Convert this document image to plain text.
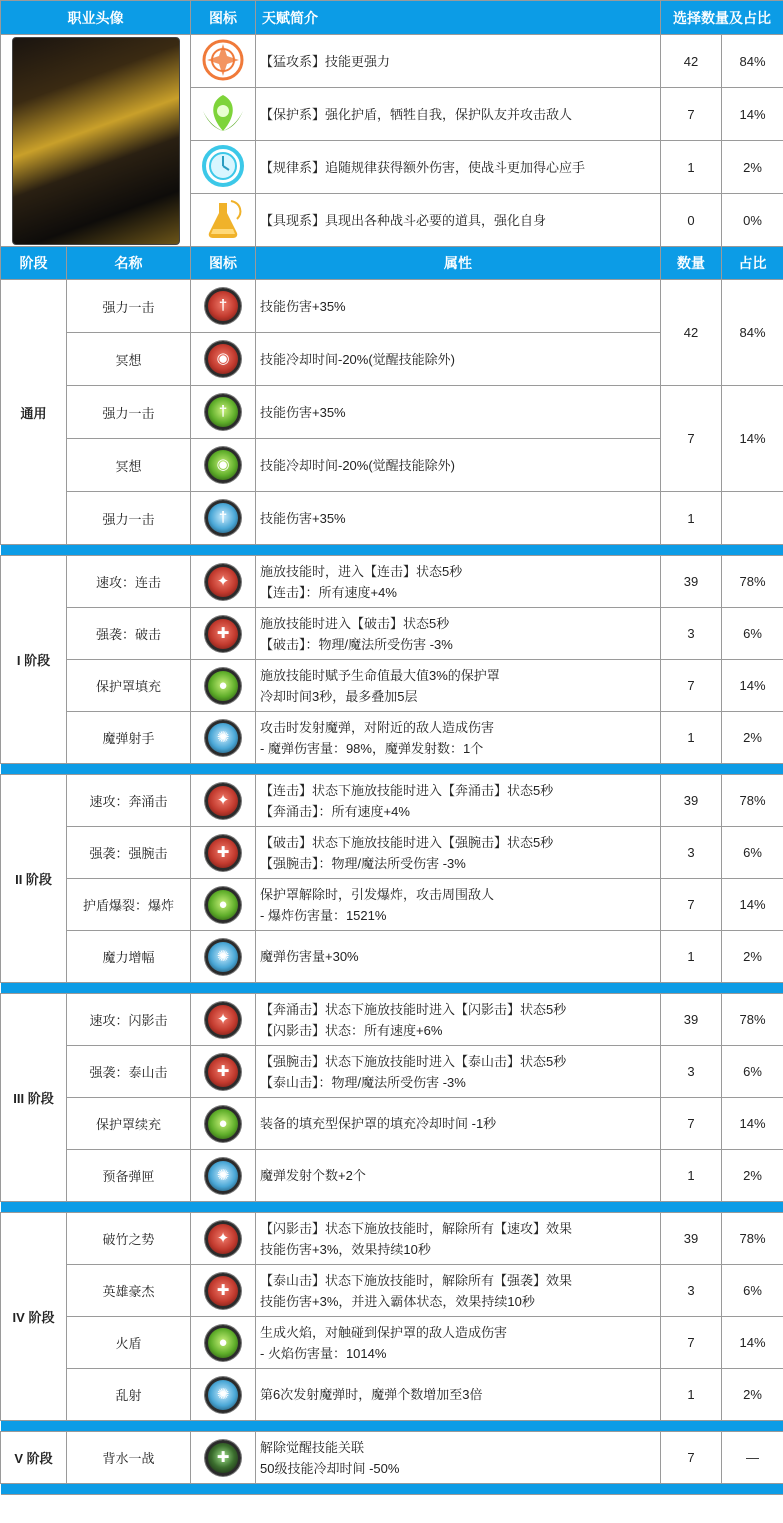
职业头像		图标	天赋简介	选择数量及占比	

		【猛攻系】技能更强力	42	84%
	【保护系】强化护盾，牺牲自我，保护队友并攻击敌人	7	14%
	【规律系】追随规律获得额外伤害，使战斗更加得心应手	1	2%
	【具现系】具现出各种战斗必要的道具，强化自身	0	0%
阶段	名称	图标	属性	数量	占比
通用	强力一击	†	技能伤害+35%	42	84%
	冥想	◉	技能冷却时间-20%(觉醒技能除外)		
	强力一击	†	技能伤害+35%	7	14%
	冥想	◉	技能冷却时间-20%(觉醒技能除外)		
	强力一击	†	技能伤害+35%	1	

I 阶段	速攻：连击	✦	施放技能时，进入【连击】状态5秒
【连击】：所有速度+4%	39	78%
	强袭：破击	✚	施放技能时进入【破击】状态5秒
【破击】：物理/魔法所受伤害 -3%	3	6%
	保护罩填充	●	施放技能时赋予生命值最大值3%的保护罩
冷却时间3秒，最多叠加5层	7	14%
	魔弹射手	✺	攻击时发射魔弹，对附近的敌人造成伤害
- 魔弹伤害量：98%，魔弹发射数：1个	1	2%

II 阶段	速攻：奔涌击	✦	【连击】状态下施放技能时进入【奔涌击】状态5秒
【奔涌击】：所有速度+4%	39	78%
	强袭：强腕击	✚	【破击】状态下施放技能时进入【强腕击】状态5秒
【强腕击】：物理/魔法所受伤害 -3%	3	6%
	护盾爆裂：爆炸	●	保护罩解除时，引发爆炸，攻击周围敌人
- 爆炸伤害量：1521%	7	14%
	魔力增幅	✺	魔弹伤害量+30%	1	2%

III 阶段	速攻：闪影击	✦	【奔涌击】状态下施放技能时进入【闪影击】状态5秒
【闪影击】状态：所有速度+6%	39	78%
	强袭：泰山击	✚	【强腕击】状态下施放技能时进入【泰山击】状态5秒
【泰山击】：物理/魔法所受伤害 -3%	3	6%
	保护罩续充	●	装备的填充型保护罩的填充冷却时间 -1秒	7	14%
	预备弹匣	✺	魔弹发射个数+2个	1	2%

IV 阶段	破竹之势	✦	【闪影击】状态下施放技能时，解除所有【速攻】效果
技能伤害+3%，效果持续10秒	39	78%
	英雄豪杰	✚	【泰山击】状态下施放技能时，解除所有【强袭】效果
技能伤害+3%，并进入霸体状态，效果持续10秒	3	6%
	火盾	●	生成火焰，对触碰到保护罩的敌人造成伤害
- 火焰伤害量：1014%	7	14%
	乱射	✺	第6次发射魔弹时，魔弹个数增加至3倍	1	2%

V 阶段	背水一战	✚	解除觉醒技能关联
50级技能冷却时间 -50%	7	—
